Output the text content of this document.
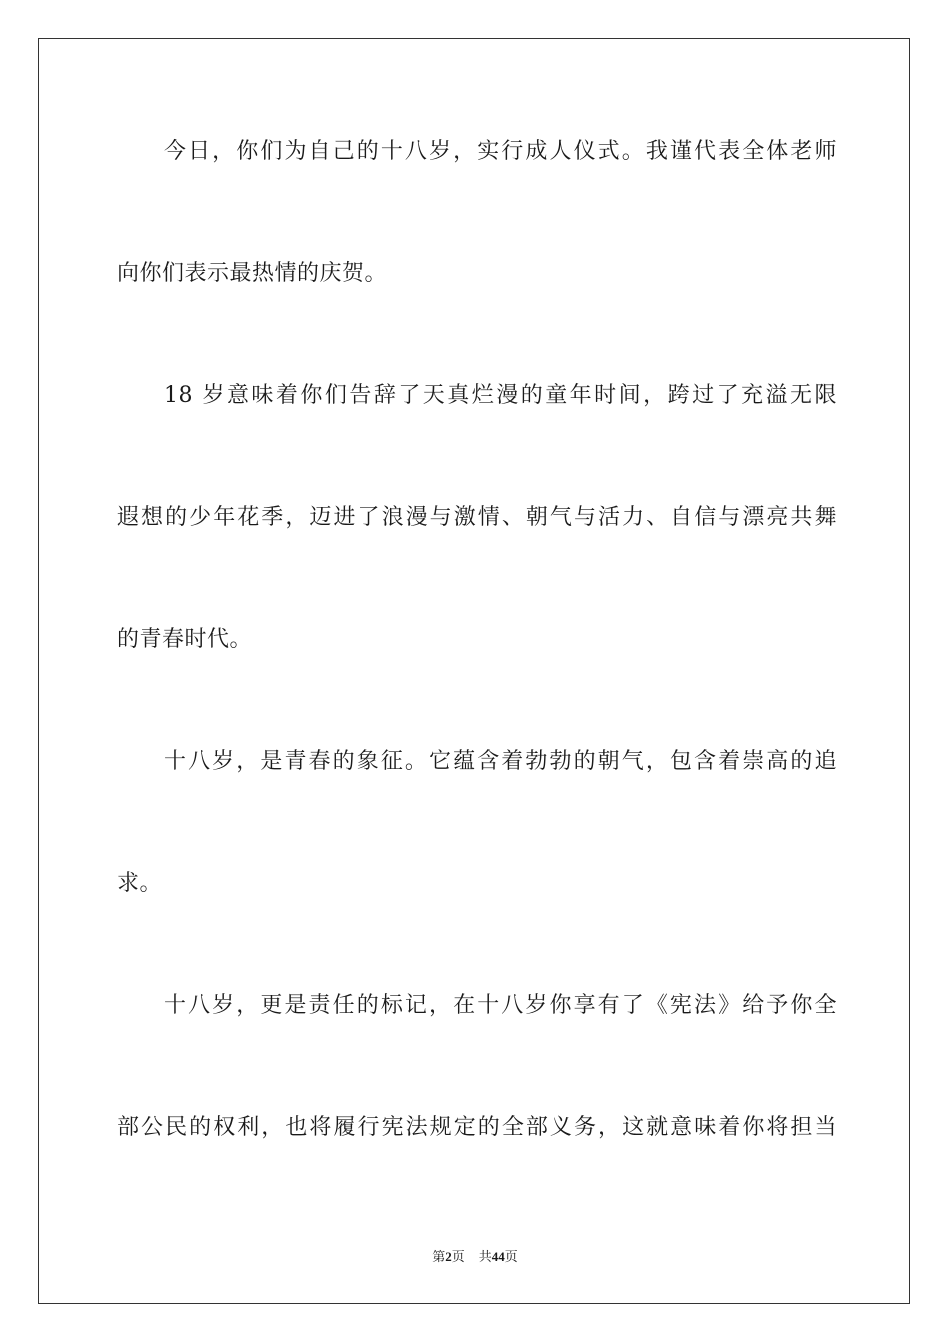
今日，你们为自己的十八岁，实行成人仪式。我谨代表全体老师
向你们表示最热情的庆贺。
18 岁意味着你们告辞了天真烂漫的童年时间，跨过了充溢无限
遐想的少年花季，迈进了浪漫与激情、朝气与活力、自信与漂亮共舞
的青春时代。
十八岁，是青春的象征。它蕴含着勃勃的朝气，包含着崇高的追
求。
十八岁，更是责任的标记，在十八岁你享有了《宪法》给予你全
部公民的权利，也将履行宪法规定的全部义务，这就意味着你将担当
第2页 共44页
